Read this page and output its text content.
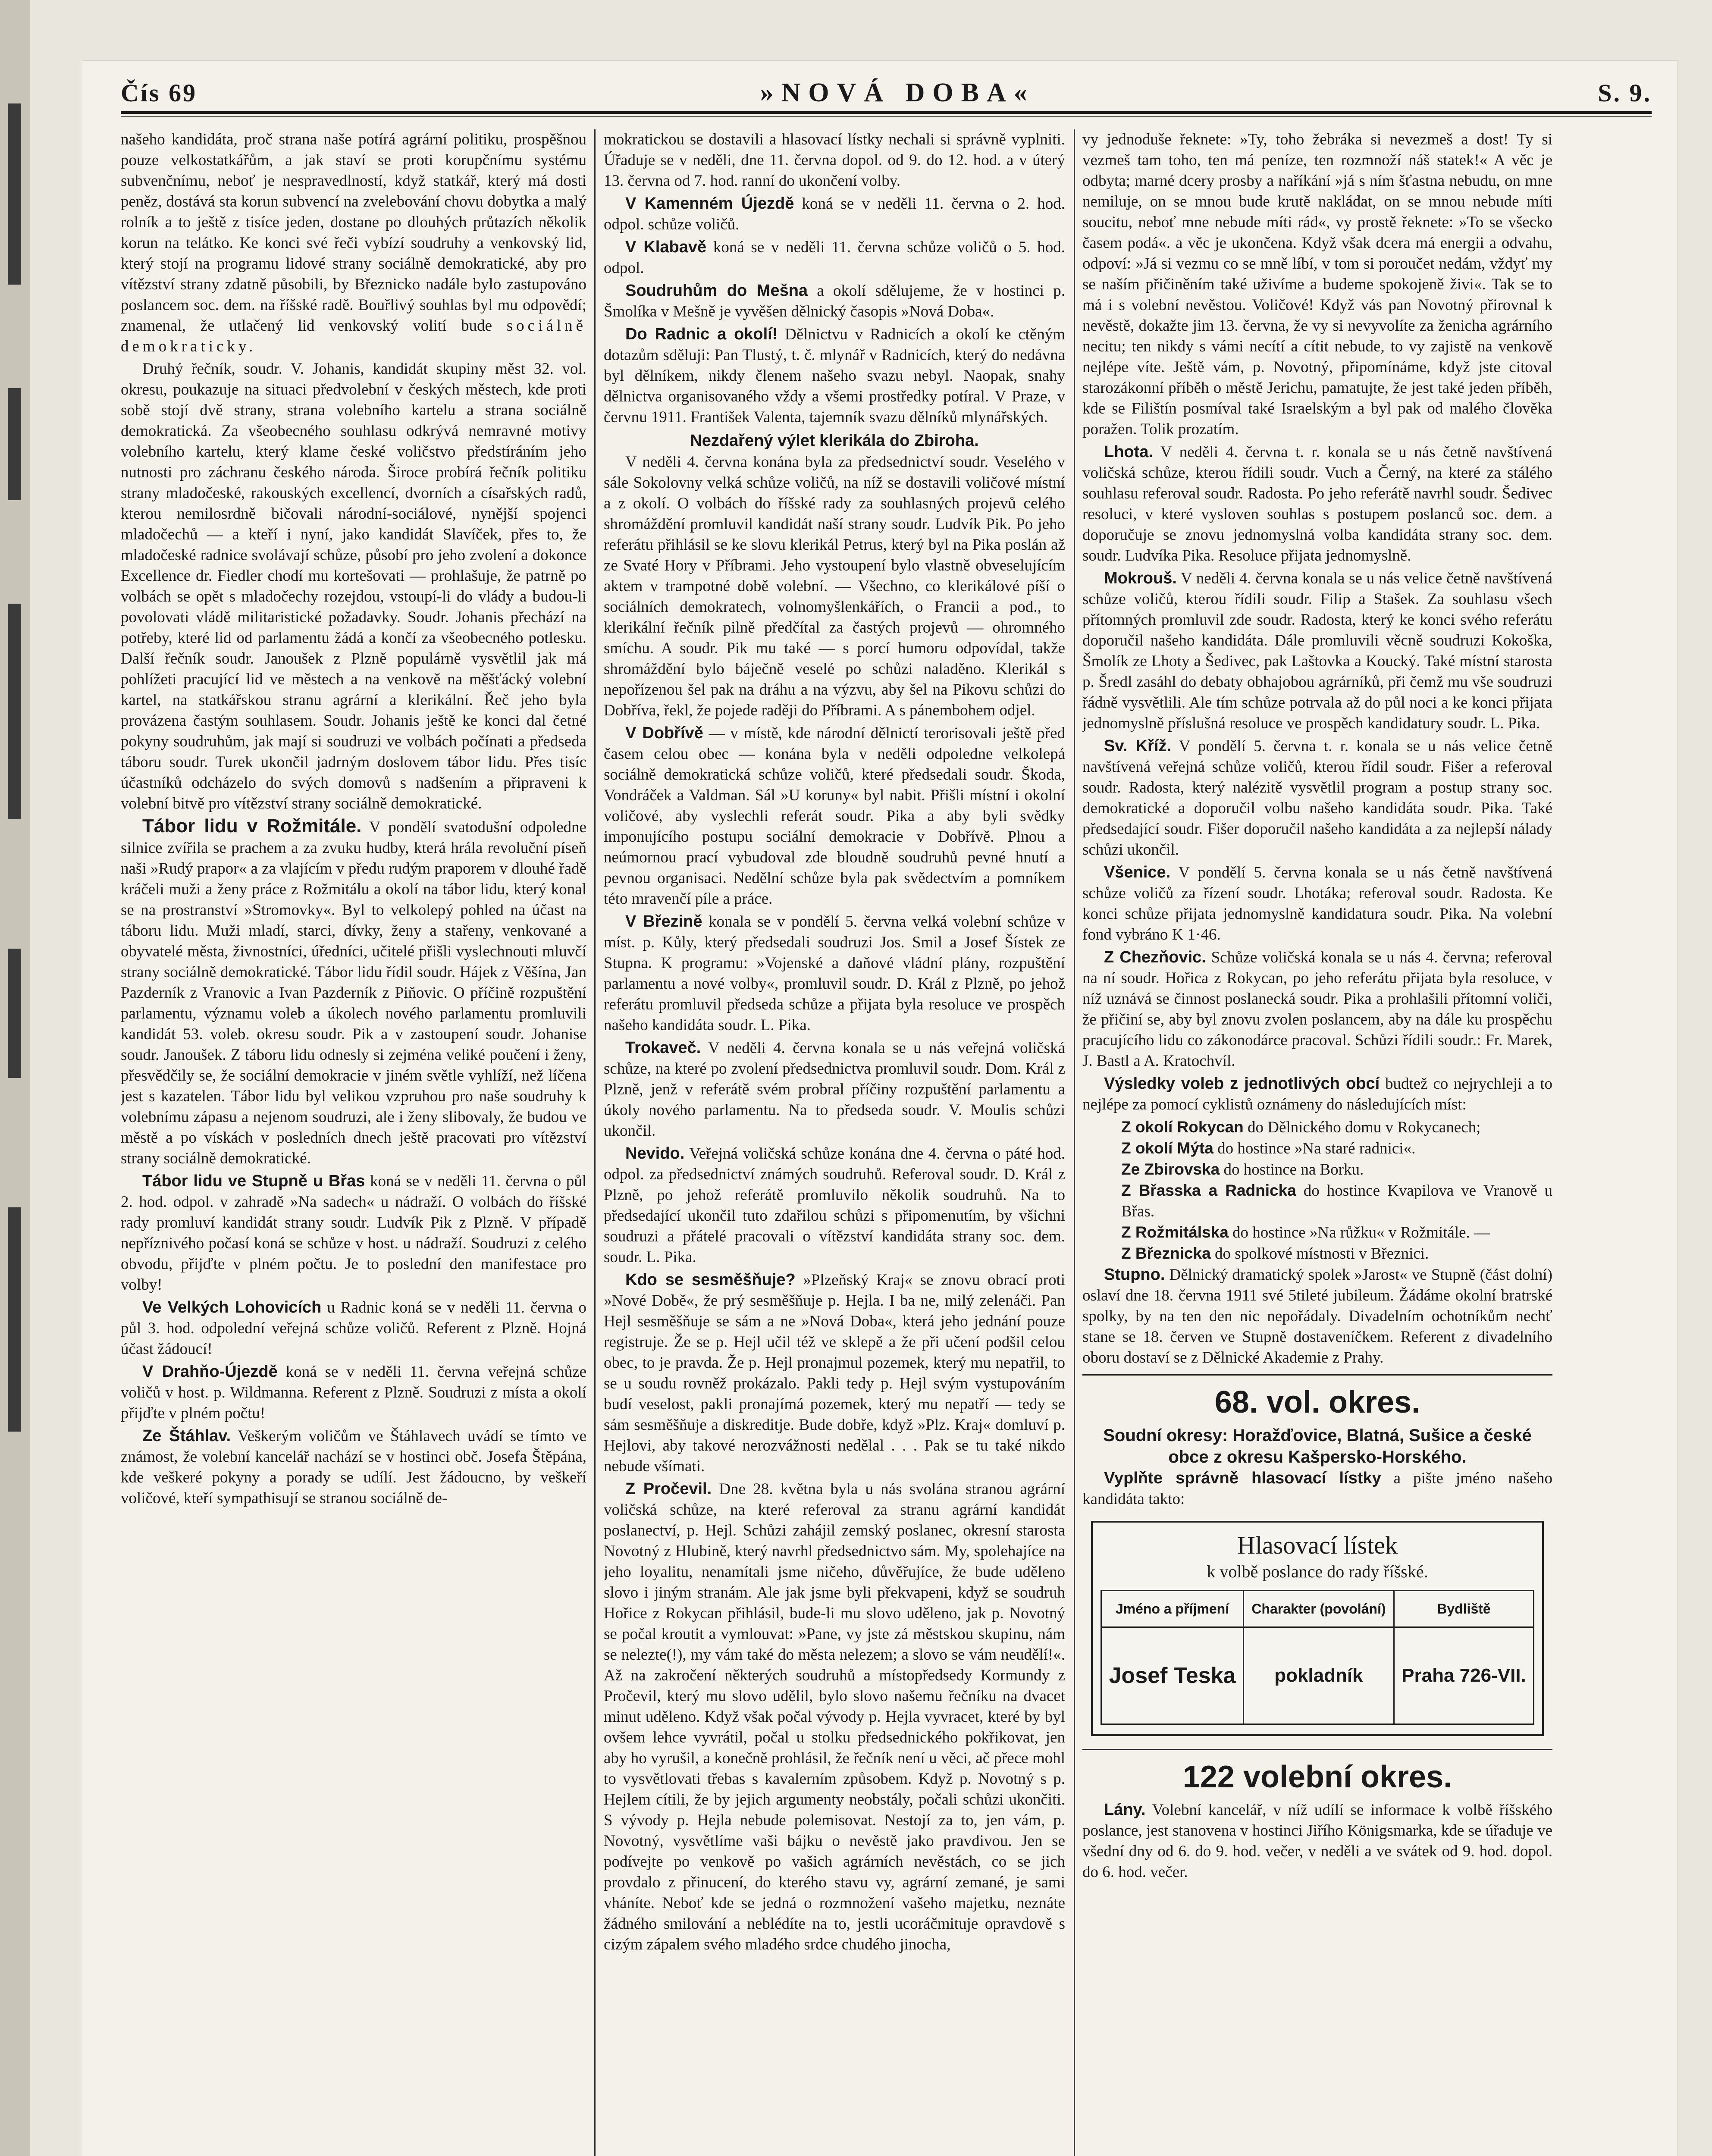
Čís 69	»NOVÁ DOBA«	S. 9.

našeho kandidáta, proč strana naše potírá agrární politiku, prospěšnou pouze velkostatkářům, a jak staví se proti korupčnímu systému subvenčnímu, neboť je nespravedlností, když statkář, který má dosti peněz, dostává sta korun subvencí na zvelebování chovu dobytka a malý rolník a to ještě z tisíce jeden, dostane po dlouhých průtazích několik korun na telátko. Ke konci své řeči vybízí soudruhy a venkovský lid, který stojí na programu lidové strany sociálně demokratické, aby pro vítězství strany zdatně působili, by Březnicko nadále bylo zastupováno poslancem soc. dem. na říšské radě. Bouřlivý souhlas byl mu odpovědí; znamenal, že utlačený lid venkovský volití bude sociálně demokraticky.

Druhý řečník, soudr. V. Johanis, kandidát skupiny měst 32. vol. okresu, poukazuje na situaci předvolební v českých městech, kde proti sobě stojí dvě strany, strana volebního kartelu a strana sociálně demokratická. Za všeobecného souhlasu odkrývá nemravné motivy volebního kartelu, který klame české voličstvo předstíráním jeho nutnosti pro záchranu českého národa. Široce probírá řečník politiku strany mladočeské, rakouských excellencí, dvorních a císařských radů, kterou nemilosrdně bičovali národní-sociálové, nynější spojenci mladočechů — a kteří i nyní, jako kandidát Slavíček, přes to, že mladočeské radnice svolávají schůze, působí pro jeho zvolení a dokonce Excellence dr. Fiedler chodí mu kortešovati — prohlašuje, že patrně po volbách se opět s mladočechy rozejdou, vstoupí-li do vlády a budou-li povolovati vládě militaristické požadavky. Soudr. Johanis přechází na potřeby, které lid od parlamentu žádá a končí za všeobecného potlesku. Další řečník soudr. Janoušek z Plzně populárně vysvětlil jak má pohlížeti pracující lid ve městech a na venkově na měšťácký volební kartel, na statkářskou stranu agrární a klerikální. Řeč jeho byla provázena častým souhlasem. Soudr. Johanis ještě ke konci dal četné pokyny soudruhům, jak mají si soudruzi ve volbách počínati a předseda táboru soudr. Turek ukončil jadrným doslovem tábor lidu. Přes tisíc účastníků odcházelo do svých domovů s nadšením a připraveni k volební bitvě pro vítězství strany sociálně demokratické.

Tábor lidu v Rožmitále. V pondělí svatodušní odpoledne silnice zvířila se prachem a za zvuku hudby, která hrála revoluční píseň naši »Rudý prapor« a za vlajícím v předu rudým praporem v dlouhé řadě kráčeli muži a ženy práce z Rožmitálu a okolí na tábor lidu, který konal se na prostranství »Stromovky«. Byl to velkolepý pohled na účast na táboru lidu. Muži mladí, starci, dívky, ženy a stařeny, venkované a obyvatelé města, živnostníci, úředníci, učitelé přišli vyslechnouti mluvčí strany sociálně demokratické. Tábor lidu řídil soudr. Hájek z Věšína, Jan Pazderník z Vranovic a Ivan Pazderník z Piňovic. O příčině rozpuštění parlamentu, významu voleb a úkolech nového parlamentu promluvili kandidát 53. voleb. okresu soudr. Pik a v zastoupení soudr. Johanise soudr. Janoušek. Z táboru lidu odnesly si zejména veliké poučení i ženy, přesvědčily se, že sociální demokracie v jiném světle vyhlíží, než líčena jest s kazatelen. Tábor lidu byl velikou vzpruhou pro naše soudruhy k volebnímu zápasu a nejenom soudruzi, ale i ženy slibovaly, že budou ve městě a po vískách v posledních dnech ještě pracovati pro vítězství strany sociálně demokratické.

Tábor lidu ve Stupně u Břas koná se v neděli 11. června o půl 2. hod. odpol. v zahradě »Na sadech« u nádraží. O volbách do říšské rady promluví kandidát strany soudr. Ludvík Pik z Plzně. V případě nepříznivého počasí koná se schůze v host. u nádraží. Soudruzi z celého obvodu, přijďte v plném počtu. Je to poslední den manifestace pro volby!

Ve Velkých Lohovicích u Radnic koná se v neděli 11. června o půl 3. hod. odpolední veřejná schůze voličů. Referent z Plzně. Hojná účast žádoucí!

V Drahňo-Újezdě koná se v neděli 11. června veřejná schůze voličů v host. p. Wildmanna. Referent z Plzně. Soudruzi z místa a okolí přijďte v plném počtu!

Ze Štáhlav. Veškerým voličům ve Štáhlavech uvádí se tímto ve známost, že volební kancelář nachází se v hostinci obč. Josefa Štěpána, kde veškeré pokyny a porady se udílí. Jest žádoucno, by veškeří voličové, kteří sympathisují se stranou sociálně de-

mokratickou se dostavili a hlasovací lístky nechali si správně vyplniti. Úřaduje se v neděli, dne 11. června dopol. od 9. do 12. hod. a v úterý 13. června od 7. hod. ranní do ukončení volby.

V Kamenném Újezdě koná se v neděli 11. června o 2. hod. odpol. schůze voličů.

V Klabavě koná se v neděli 11. června schůze voličů o 5. hod. odpol.

Soudruhům do Mešna a okolí sdělujeme, že v hostinci p. Šmolíka v Mešně je vyvěšen dělnický časopis »Nová Doba«.

Do Radnic a okolí! Dělnictvu v Radnicích a okolí ke ctěným dotazům sděluji: Pan Tlustý, t. č. mlynář v Radnicích, který do nedávna byl dělníkem, nikdy členem našeho svazu nebyl. Naopak, snahy dělnictva organisovaného vždy a všemi prostředky potíral. V Praze, v červnu 1911. František Valenta, tajemník svazu dělníků mlynářských.

Nezdařený výlet klerikála do Zbiroha.

V neděli 4. června konána byla za předsednictví soudr. Veselého v sále Sokolovny velká schůze voličů, na níž se dostavili voličové místní a z okolí. O volbách do říšské rady za souhlasných projevů celého shromáždění promluvil kandidát naší strany soudr. Ludvík Pik. Po jeho referátu přihlásil se ke slovu klerikál Petrus, který byl na Pika poslán až ze Svaté Hory v Příbrami. Jeho vystoupení bylo vlastně obveselujícím aktem v trampotné době volební. — Všechno, co klerikálové píší o sociálních demokratech, volnomyšlenkářích, o Francii a pod., to klerikální řečník pilně předčítal za častých projevů — ohromného smíchu. A soudr. Pik mu také — s porcí humoru odpovídal, takže shromáždění bylo báječně veselé po schůzi naladěno. Klerikál s nepořízenou šel pak na dráhu a na výzvu, aby šel na Pikovu schůzi do Dobřívа, řekl, že pojede raději do Příbrami. A s pánembohem odjel.

V Dobřívě — v místě, kde národní dělnictí terorisovali ještě před časem celou obec — konána byla v neděli odpoledne velkolepá sociálně demokratická schůze voličů, které předsedali soudr. Škoda, Vondráček a Valdman. Sál »U koruny« byl nabit. Přišli místní i okolní voličové, aby vyslechli referát soudr. Pika a aby byli svědky imponujícího postupu sociální demokracie v Dobřívě. Plnou a neúmornou prací vybudoval zde bloudně soudruhů pevné hnutí a pevnou organisaci. Nedělní schůze byla pak svědectvím a pomníkem této mravenčí píle a práce.

V Březině konala se v pondělí 5. června velká volební schůze v míst. p. Kůly, který předsedali soudruzi Jos. Smil a Josef Šístek ze Stupna. K programu: »Vojenské a daňové vládní plány, rozpuštění parlamentu a nové volby«, promluvil soudr. D. Král z Plzně, po jehož referátu promluvil předseda schůze a přijata byla resoluce ve prospěch našeho kandidáta soudr. L. Pika.

Trokaveč. V neděli 4. června konala se u nás veřejná voličská schůze, na které po zvolení předsednictva promluvil soudr. Dom. Král z Plzně, jenž v referátě svém probral příčiny rozpuštění parlamentu a úkoly nového parlamentu. Na to předseda soudr. V. Moulis schůzi ukončil.

Nevido. Veřejná voličská schůze konána dne 4. června o páté hod. odpol. za předsednictví známých soudruhů. Referoval soudr. D. Král z Plzně, po jehož referátě promluvilo několik soudruhů. Na to předsedající ukončil tuto zdařilou schůzi s připomenutím, by všichni soudruzi a přátelé pracovali o vítězství kandidáta strany soc. dem. soudr. L. Pika.

Kdo se sesměšňuje? »Plzeňský Kraj« se znovu obrací proti »Nové Době«, že prý sesměšňuje p. Hejla. I ba ne, milý zelenáči. Pan Hejl sesměšňuje se sám a ne »Nová Doba«, která jeho jednání pouze registruje. Že se p. Hejl učil též ve sklepě a že při učení podšil celou obec, to je pravda. Že p. Hejl pronajmul pozemek, který mu nepatřil, to se u soudu rovněž prokázalo. Pakli tedy p. Hejl svým vystupováním budí veselost, pakli pronajímá pozemek, který mu nepatří — tedy se sám sesměšňuje a diskreditje. Bude dobře, když »Plz. Kraj« domluví p. Hejlovi, aby takové nerozvážnosti nedělal . . . Pak se tu také nikdo nebude všímati.

Z Pročevil. Dne 28. května byla u nás svolána stranou agrární voličská schůze, na které referoval za stranu agrární kandidát poslanectví, p. Hejl. Schůzi zahájil zemský poslanec, okresní starosta Novotný z Hlubině, který navrhl předsednictvo sám. My, spolehajíce na jeho loyalitu, nenamítali jsme ničeho, důvěřujíce, že bude uděleno slovo i jiným stranám. Ale jak jsme byli překvapeni, když se soudruh Hořice z Rokycan přihlásil, bude-li mu slovo uděleno, jak p. Novotný se počal kroutit a vymlouvat: »Pane, vy jste zá městskou skupinu, nám se nelezte(!), my vám také do města nelezem; a slovo se vám neudělí!«. Až na zakročení některých soudruhů a místopředsedy Kormundy z Pročevil, který mu slovo udělil, bylo slovo našemu řečníku na dvacet minut uděleno. Když však počal vývody p. Hejla vyvracet, které by byl ovšem lehce vyvrátil, počal u stolku předsednického pokřikovat, jen aby ho vyrušil, a konečně prohlásil, že řečník není u věci, ač přece mohl to vysvětlovati třebas s kavalerním způsobem. Když p. Novotný s p. Hejlem cítili, že by jejich argumenty neobstály, počali schůzi ukončiti. S vývody p. Hejla nebude polemisovat. Nestojí za to, jen vám, p. Novotný, vysvětlíme vaši bájku o nevěstě jako pravdivou. Jen se podívejte po venkově po vašich agrárních nevěstách, co se jich provdalo z přinucení, do kterého stavu vy, agrární zemané, je sami vháníte. Neboť kde se jedná o rozmnožení vašeho majetku, neznáte žádného smilování a neblédíte na to, jestli ucoráčmituje opravdově s cizým zápalem svého mladého srdce chudého jinocha,

vy jednoduše řeknete: »Ty, toho žebráka si nevezmeš a dost! Ty si vezmeš tam toho, ten má peníze, ten rozmnoží náš statek!« A věc je odbyta; marné dcery prosby a naříkání »já s ním šťastna nebudu, on mne nemiluje, on se mnou bude krutě nakládat, on se mnou nebude míti soucitu, neboť mne nebude míti rád«, vy prostě řeknete: »To se všecko časem podá«. a věc je ukončena. Když však dcera má energii a odvahu, odpoví: »Já si vezmu co se mně líbí, v tom si poroučet nedám, vždyť my se naším přičiněním také uživíme a budeme spokojeně živi«. Tak se to má i s volební nevěstou. Voličové! Když vás pan Novotný přirovnal k nevěstě, dokažte jim 13. června, že vy si nevyvolíte za ženicha agrárního necitu; ten nikdy s vámi necítí a cítit nebude, to vy zajistě na venkově nejlépe víte. Ještě vám, p. Novotný, připomínáme, když jste citoval starozákonní příběh o městě Jerichu, pamatujte, že jest také jeden příběh, kde se Filištín posmíval také Israelským a byl pak od malého člověka poražen. Tolik prozatím.

Lhota. V neděli 4. června t. r. konala se u nás četně navštívená voličská schůze, kterou řídili soudr. Vuch a Černý, na které za stálého souhlasu referoval soudr. Radosta. Po jeho referátě navrhl soudr. Šedivec resoluci, v které vysloven souhlas s postupem poslanců soc. dem. a doporučuje se znovu jednomyslná volba kandidáta strany soc. dem. soudr. Ludvíka Pika. Resoluce přijata jednomyslně.

Mokrouš. V neděli 4. června konala se u nás velice četně navštívená schůze voličů, kterou řídili soudr. Filip a Stašek. Za souhlasu všech přítomných promluvil zde soudr. Radosta, který ke konci svého referátu doporučil našeho kandidáta. Dále promluvili věcně soudruzi Kokoška, Šmolík ze Lhoty a Šedivec, pak Laštovka a Koucký. Také místní starosta p. Šredl zasáhl do debaty obhajobou agrárníků, při čemž mu vše soudruzi řádně vysvětlili. Ale tím schůze potrvala až do půl noci a ke konci přijata jednomyslně příslušná resoluce ve prospěch kandidatury soudr. L. Pika.

Sv. Kříž. V pondělí 5. června t. r. konala se u nás velice četně navštívená veřejná schůze voličů, kterou řídil soudr. Fišer a referoval soudr. Radosta, který nalézitě vysvětlil program a postup strany soc. demokratické a doporučil volbu našeho kandidáta soudr. Pika. Také předsedající soudr. Fišer doporučil našeho kandidáta a za nejlepší nálady schůzi ukončil.

Všenice. V pondělí 5. června konala se u nás četně navštívená schůze voličů za řízení soudr. Lhotáka; referoval soudr. Radosta. Ke konci schůze přijata jednomyslně kandidatura soudr. Pika. Na volební fond vybráno K 1·46.

Z Chezňovic. Schůze voličská konala se u nás 4. června; referoval na ní soudr. Hořica z Rokycan, po jeho referátu přijata byla resoluce, v níž uznává se činnost poslanecká soudr. Pika a prohlašili přítomní voliči, že přičiní se, aby byl znovu zvolen poslancem, aby na dále ku prospěchu pracujícího lidu co zákonodárce pracoval. Schůzi řídili soudr.: Fr. Marek, J. Bastl a A. Kratochvíl.

Výsledky voleb z jednotlivých obcí budtež co nejrychleji a to nejlépe za pomocí cyklistů oznámeny do následujících míst:

Z okolí Rokycan do Dělnického domu v Rokycanech;
Z okolí Mýta do hostince »Na staré radnici«.
Ze Zbirovska do hostince na Borku.
Z Břasska a Radnicka do hostince Kvapilova ve Vranově u Břas.
Z Rožmitálska do hostince »Na růžku« v Rožmitále. —
Z Březnicka do spolkové místnosti v Březnici.

Stupno. Dělnický dramatický spolek »Jarost« ve Stupně (část dolní) oslaví dne 18. června 1911 své 5tileté jubileum. Žádáme okolní bratrské spolky, by na ten den nic nepořádaly. Divadelním ochotníkům nechť stane se 18. červen ve Stupně dostaveníčkem. Referent z divadelního oboru dostaví se z Dělnické Akademie z Prahy.

68. vol. okres.
Soudní okresy: Horažďovice, Blatná, Sušice a české obce z okresu Kašpersko-Horského.

Vyplňte správně hlasovací lístky a pište jméno našeho kandidáta takto:

Hlasovací lístek
k volbě poslance do rady říšské.
Jméno a příjmení	Charakter (povolání)	Bydliště
Josef Teska	pokladník	Praha 726-VII.
122 volební okres.

Lány. Volební kancelář, v níž udílí se informace k volbě říšského poslance, jest stanovena v hostinci Jiřího Königsmarka, kde se úřaduje ve všední dny od 6. do 9. hod. večer, v neděli a ve svátek od 9. hod. dopol. do 6. hod. večer.
